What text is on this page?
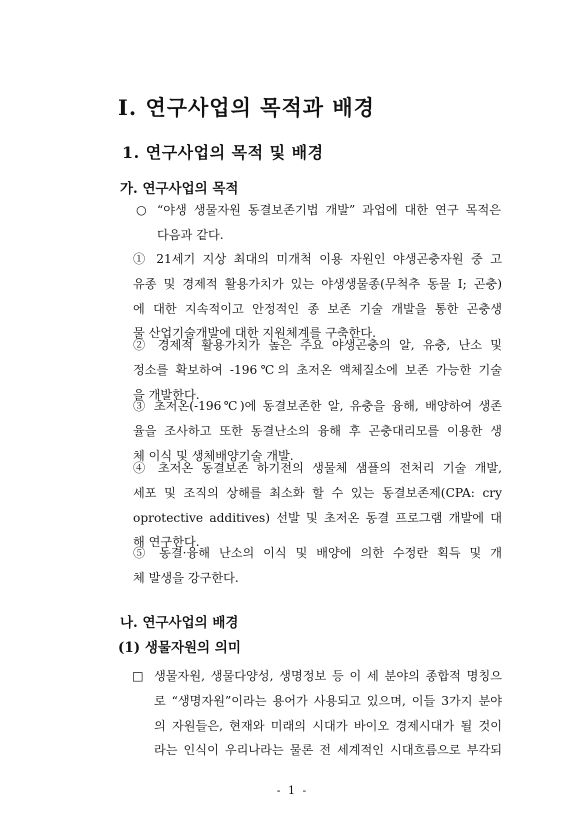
Ⅰ. 연구사업의 목적과 배경
1. 연구사업의 목적 및 배경
가. 연구사업의 목적
○ “야생 생물자원 동결보존기법 개발” 과업에 대한 연구 목적은
다음과 같다.
① 21세기 지상 최대의 미개척 이용 자원인 야생곤충자원 중 고
유종 및 경제적 활용가치가 있는 야생생물종(무척추 동물 I; 곤충)
에 대한 지속적이고 안정적인 종 보존 기술 개발을 통한 곤충생
물 산업기술개발에 대한 지원체계를 구축한다.
② 경제적 활용가치가 높은 주요 야생곤충의 알, 유충, 난소 및
정소를 확보하여 -196℃의 초저온 액체질소에 보존 가능한 기술
을 개발한다.
③ 초저온(-196℃)에 동결보존한 알, 유충을 융해, 배양하여 생존
율을 조사하고 또한 동결난소의 융해 후 곤충대리모를 이용한 생
체 이식 및 생체배양기술 개발.
④ 초저온 동결보존 하기전의 생물체 샘플의 전처리 기술 개발,
세포 및 조직의 상해를 최소화 할 수 있는 동결보존제(CPA: cry
oprotective additives) 선발 및 초저온 동결 프로그램 개발에 대
해 연구한다.
⑤ 동결·융해 난소의 이식 및 배양에 의한 수정란 획득 및 개
체 발생을 강구한다.
나. 연구사업의 배경
(1) 생물자원의 의미
□ 생물자원, 생물다양성, 생명정보 등 이 세 분야의 종합적 명칭으
로 “생명자원”이라는 용어가 사용되고 있으며, 이들 3가지 분야
의 자원들은, 현재와 미래의 시대가 바이오 경제시대가 될 것이
라는 인식이 우리나라는 물론 전 세계적인 시대흐름으로 부각되
- 1 -
